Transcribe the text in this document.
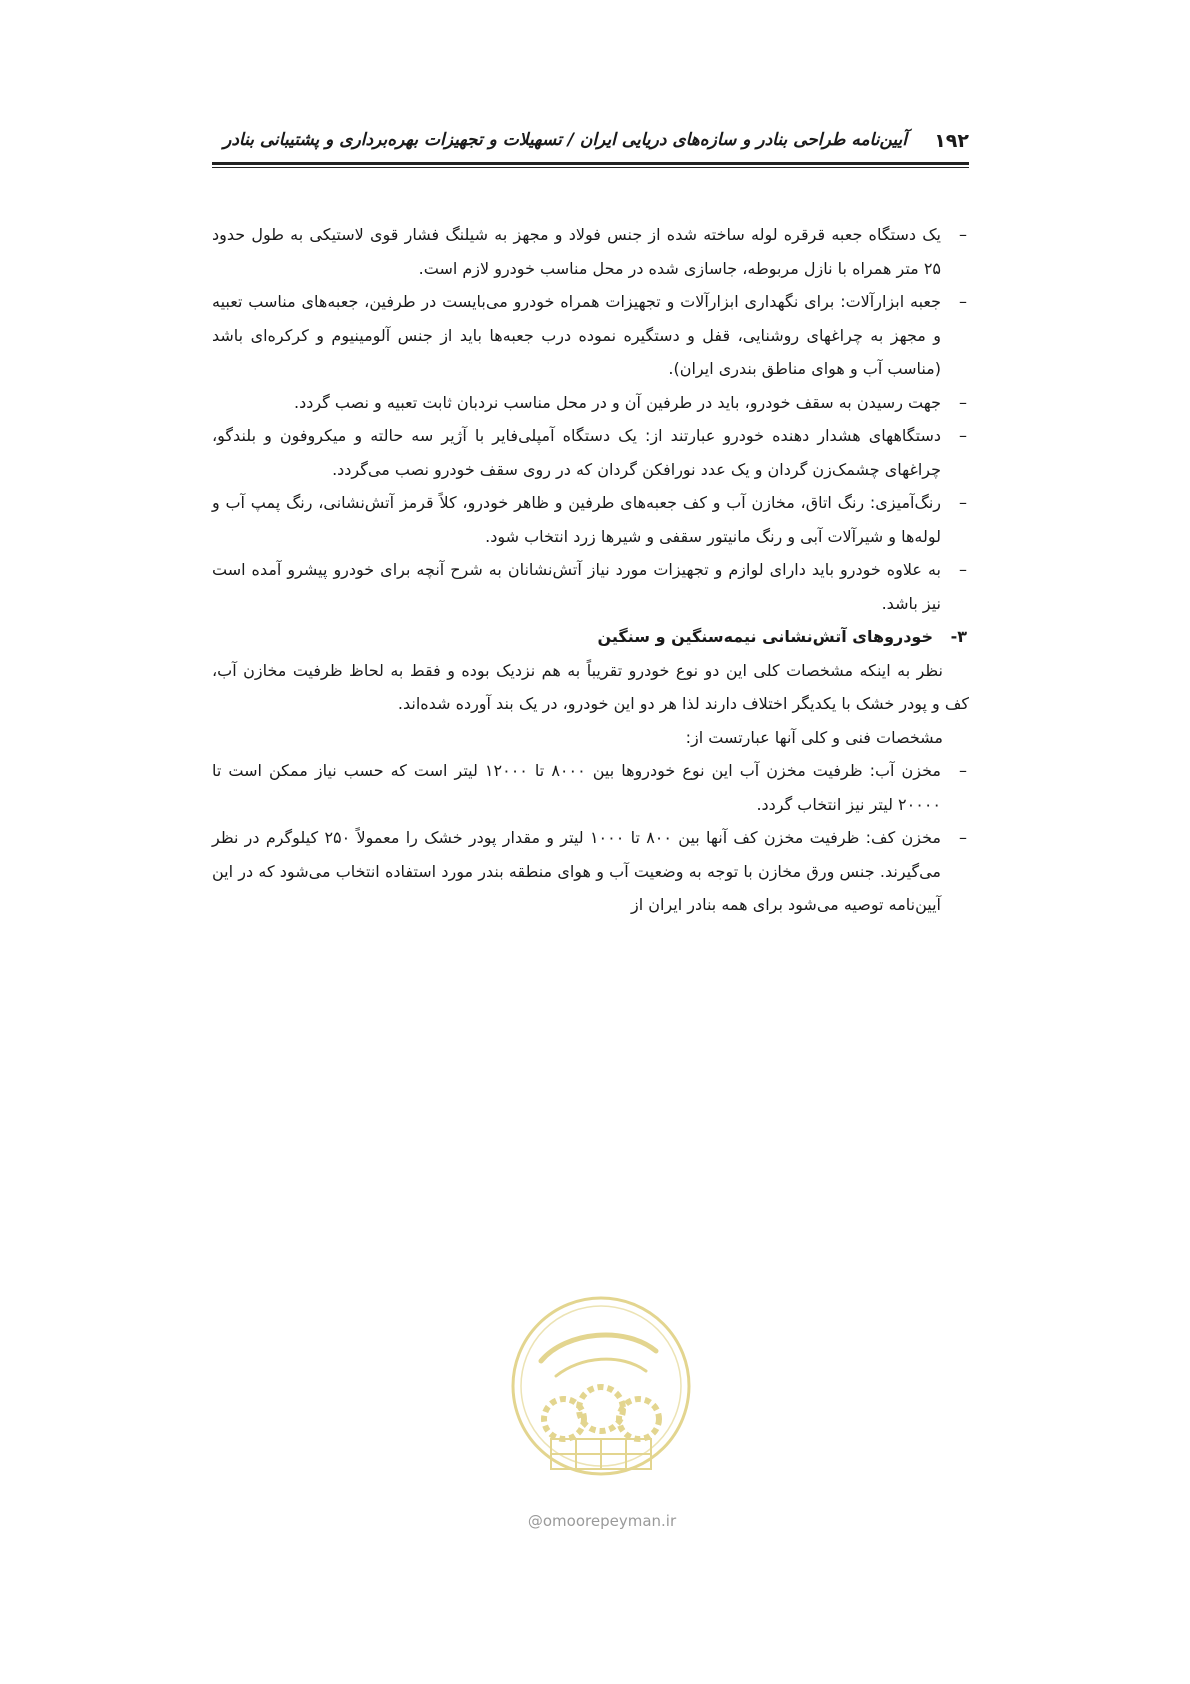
۱۹۲
آیین‌نامه طراحی بنادر و سازه‌های دریایی ایران / تسهیلات و تجهیزات بهره‌برداری و پشتیبانی بنادر

–
یک دستگاه جعبه قرقره لوله ساخته شده از جنس فولاد و مجهز به شیلنگ فشار قوی لاستیکی به طول حدود ۲۵ متر همراه با نازل مربوطه، جاسازی شده در محل مناسب خودرو لازم است.

–
جعبه ابزارآلات: برای نگهداری ابزارآلات و تجهیزات همراه خودرو می‌بایست در طرفین، جعبه‌های مناسب تعبیه و مجهز به چراغهای روشنایی، قفل و دستگیره نموده درب جعبه‌ها باید از جنس آلومینیوم و کرکره‌ای باشد (مناسب آب و هوای مناطق بندری ایران).

–
جهت رسیدن به سقف خودرو، باید در طرفین آن و در محل مناسب نردبان ثابت تعبیه و نصب گردد.

–
دستگاههای هشدار دهنده خودرو عبارتند از: یک دستگاه آمپلی‌فایر با آژیر سه حالته و میکروفون و بلندگو، چراغهای چشمک‌زن گردان و یک عدد نورافکن گردان که در روی سقف خودرو نصب می‌گردد.

–
رنگ‌آمیزی: رنگ اتاق، مخازن آب و کف جعبه‌های طرفین و ظاهر خودرو، کلاً قرمز آتش‌نشانی، رنگ پمپ آب و لوله‌ها و شیرآلات آبی و رنگ مانیتور سقفی و شیرها زرد انتخاب شود.

–
به علاوه خودرو باید دارای لوازم و تجهیزات مورد نیاز آتش‌نشانان به شرح آنچه برای خودرو پیشرو آمده است نیز باشد.

۳-خودروهای آتش‌نشانی نیمه‌سنگین و سنگین

نظر به اینکه مشخصات کلی این دو نوع خودرو تقریباً به هم نزدیک بوده و فقط به لحاظ ظرفیت مخازن آب، کف و پودر خشک با یکدیگر اختلاف دارند لذا هر دو این خودرو، در یک بند آورده شده‌اند.

مشخصات فنی و کلی آنها عبارتست از:

–
مخزن آب: ظرفیت مخزن آب این نوع خودروها بین ۸۰۰۰ تا ۱۲۰۰۰ لیتر است که حسب نیاز ممکن است تا ۲۰۰۰۰ لیتر نیز انتخاب گردد.

–
مخزن کف: ظرفیت مخزن کف آنها بین ۸۰۰ تا ۱۰۰۰ لیتر و مقدار پودر خشک را معمولاً ۲۵۰ کیلوگرم در نظر می‌گیرند. جنس ورق مخازن با توجه به وضعیت آب و هوای منطقه بندر مورد استفاده انتخاب می‌شود که در این آیین‌نامه توصیه می‌شود برای همه بنادر ایران از

@omoorepeyman.ir
